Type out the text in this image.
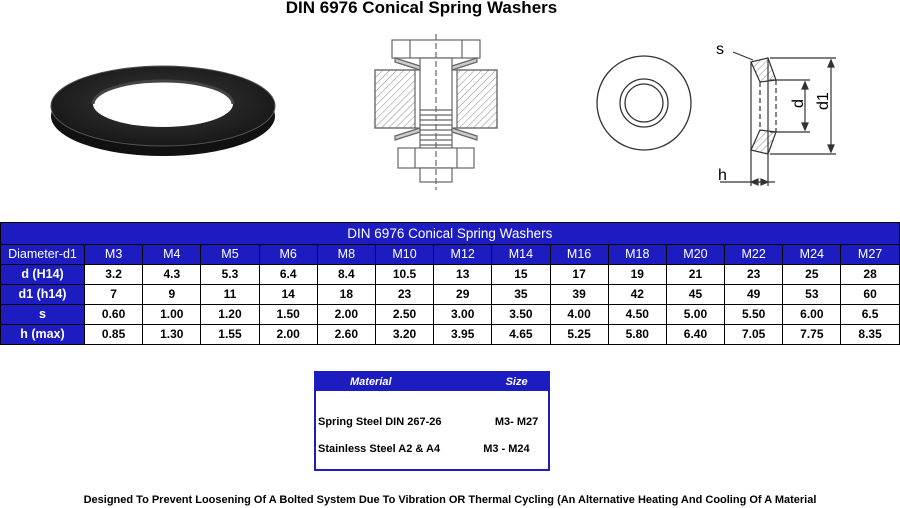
DIN 6976 Conical Spring Washers
s
d d1
h
DIN 6976 Conical Spring Washers														
Diameter-d1	M3	M4	M5	M6	M8	M10	M12	M14	M16	M18	M20	M22	M24	M27
d (H14)	3.2	4.3	5.3	6.4	8.4	10.5	13	15	17	19	21	23	25	28
d1 (h14)	7	9	11	14	18	23	29	35	39	42	45	49	53	60
s	0.60	1.00	1.20	1.50	2.00	2.50	3.00	3.50	4.00	4.50	5.00	5.50	6.00	6.5
h (max)	0.85	1.30	1.55	2.00	2.60	3.20	3.95	4.65	5.25	5.80	6.40	7.05	7.75	8.35
Material	Size
Spring Steel DIN 267-26	M3- M27
Stainless Steel A2 & A4	M3 - M24
Designed To Prevent Loosening Of A Bolted System Due To Vibration OR Thermal Cycling (An Alternative Heating And Cooling Of A Material
